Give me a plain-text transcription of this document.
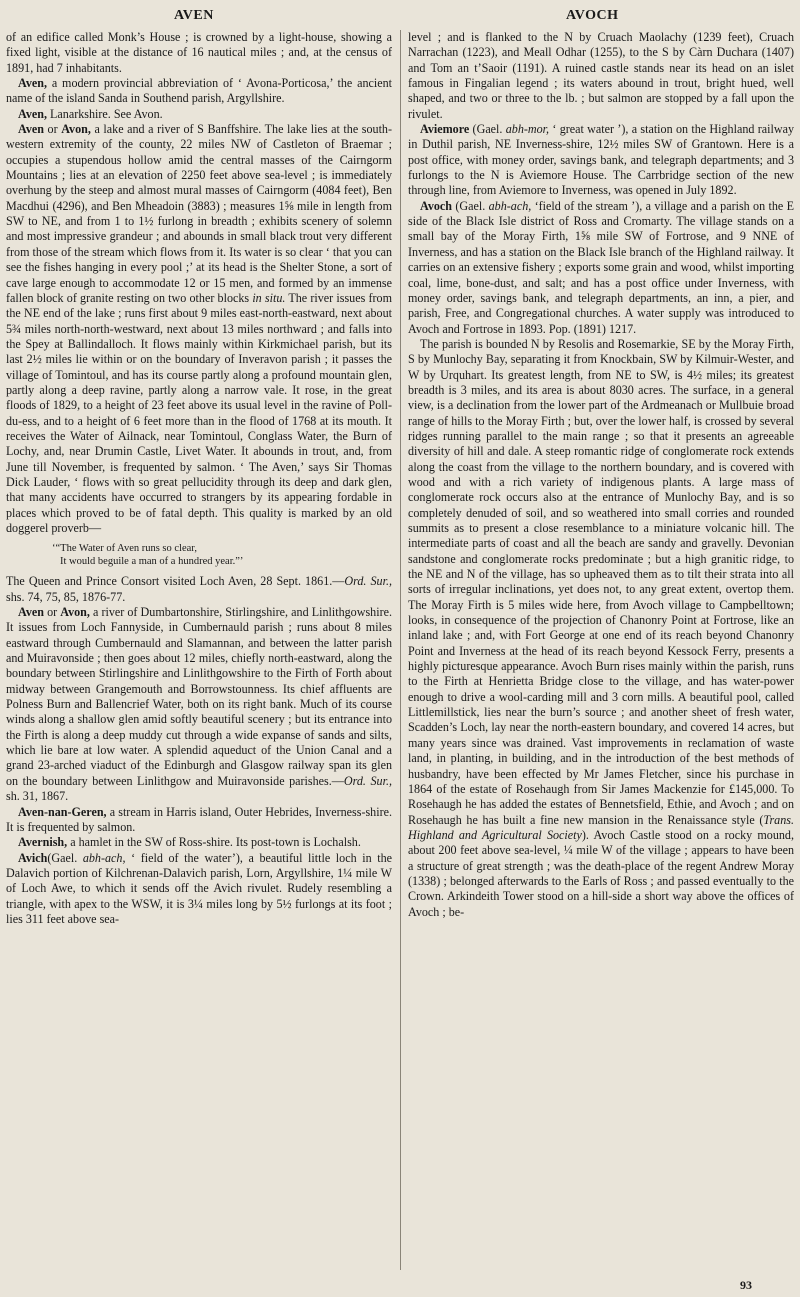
AVEN	AVOCH

of an edifice called Monk’s House ; is crowned by a light-house, showing a fixed light, visible at the distance of 16 nautical miles ; and, at the census of 1891, had 7 inhabitants.

Aven, a modern provincial abbreviation of ‘ Avona-Porticosa,’ the ancient name of the island Sanda in Southend parish, Argyllshire.

Aven, Lanarkshire. See Avon.

Aven or Avon, a lake and a river of S Banffshire. The lake lies at the south-western extremity of the county, 22 miles NW of Castleton of Braemar ; occupies a stupendous hollow amid the central masses of the Cairngorm Mountains ; lies at an elevation of 2250 feet above sea-level ; is immediately overhung by the steep and almost mural masses of Cairngorm (4084 feet), Ben Macdhui (4296), and Ben Mheadoin (3883) ; measures 1⅝ mile in length from SW to NE, and from 1 to 1½ furlong in breadth ; exhibits scenery of solemn and most impressive grandeur ; and abounds in small black trout very different from those of the stream which flows from it. Its water is so clear ‘ that you can see the fishes hanging in every pool ;’ at its head is the Shelter Stone, a sort of cave large enough to accommodate 12 or 15 men, and formed by an immense fallen block of granite resting on two other blocks in situ. The river issues from the NE end of the lake ; runs first about 9 miles east-north-eastward, next about 5¾ miles north-north-westward, next about 13 miles northward ; and falls into the Spey at Ballindalloch. It flows mainly within Kirkmichael parish, but its last 2½ miles lie within or on the boundary of Inveravon parish ; it passes the village of Tomintoul, and has its course partly along a profound mountain glen, partly along a deep ravine, partly along a narrow vale. It rose, in the great floods of 1829, to a height of 23 feet above its usual level in the ravine of Poll-du-ess, and to a height of 6 feet more than in the flood of 1768 at its mouth. It receives the Water of Ailnack, near Tomintoul, Conglass Water, the Burn of Lochy, and, near Drumin Castle, Livet Water. It abounds in trout, and, from June till November, is frequented by salmon. ‘ The Aven,’ says Sir Thomas Dick Lauder, ‘ flows with so great pellucidity through its deep and dark glen, that many accidents have occurred to strangers by its appearing fordable in places which proved to be of fatal depth. This quality is marked by an old doggerel proverb—

‘“The Water of Aven runs so clear,
It would beguile a man of a hundred year.”’

The Queen and Prince Consort visited Loch Aven, 28 Sept. 1861.—Ord. Sur., shs. 74, 75, 85, 1876-77.

Aven or Avon, a river of Dumbartonshire, Stirlingshire, and Linlithgowshire. It issues from Loch Fannyside, in Cumbernauld parish ; runs about 8 miles eastward through Cumbernauld and Slamannan, and between the latter parish and Muiravonside ; then goes about 12 miles, chiefly north-eastward, along the boundary between Stirlingshire and Linlithgowshire to the Firth of Forth about midway between Grangemouth and Borrowstounness. Its chief affluents are Polness Burn and Ballencrief Water, both on its right bank. Much of its course winds along a shallow glen amid softly beautiful scenery ; but its entrance into the Firth is along a deep muddy cut through a wide expanse of sands and silts, which lie bare at low water. A splendid aqueduct of the Union Canal and a grand 23-arched viaduct of the Edinburgh and Glasgow railway span its glen on the boundary between Linlithgow and Muiravonside parishes.—Ord. Sur., sh. 31, 1867.

Aven-nan-Geren, a stream in Harris island, Outer Hebrides, Inverness-shire. It is frequented by salmon.

Avernish, a hamlet in the SW of Ross-shire. Its post-town is Lochalsh.

Avich(Gael. abh-ach, ‘ field of the water’), a beautiful little loch in the Dalavich portion of Kilchrenan-Dalavich parish, Lorn, Argyllshire, 1¼ mile W of Loch Awe, to which it sends off the Avich rivulet. Rudely resembling a triangle, with apex to the WSW, it is 3¼ miles long by 5½ furlongs at its foot ; lies 311 feet above sea-

level ; and is flanked to the N by Cruach Maolachy (1239 feet), Cruach Narrachan (1223), and Meall Odhar (1255), to the S by Càrn Duchara (1407) and Tom an t’Saoir (1191). A ruined castle stands near its head on an islet famous in Fingalian legend ; its waters abound in trout, bright hued, well shaped, and two or three to the lb. ; but salmon are stopped by a fall upon the rivulet.

Aviemore (Gael. abh-mor, ‘ great water ’), a station on the Highland railway in Duthil parish, NE Inverness-shire, 12½ miles SW of Grantown. Here is a post office, with money order, savings bank, and telegraph departments; and 3 furlongs to the N is Aviemore House. The Carrbridge section of the new through line, from Aviemore to Inverness, was opened in July 1892.

Avoch (Gael. abh-ach, ‘field of the stream ’), a village and a parish on the E side of the Black Isle district of Ross and Cromarty. The village stands on a small bay of the Moray Firth, 1⅝ mile SW of Fortrose, and 9 NNE of Inverness, and has a station on the Black Isle branch of the Highland railway. It carries on an extensive fishery ; exports some grain and wood, whilst importing coal, lime, bone-dust, and salt; and has a post office under Inverness, with money order, savings bank, and telegraph departments, an inn, a pier, and parish, Free, and Congregational churches. A water supply was introduced to Avoch and Fortrose in 1893. Pop. (1891) 1217.

The parish is bounded N by Resolis and Rosemarkie, SE by the Moray Firth, S by Munlochy Bay, separating it from Knockbain, SW by Kilmuir-Wester, and W by Urquhart. Its greatest length, from NE to SW, is 4½ miles; its greatest breadth is 3 miles, and its area is about 8030 acres. The surface, in a general view, is a declination from the lower part of the Ardmeanach or Mullbuie broad range of hills to the Moray Firth ; but, over the lower half, is crossed by several ridges running parallel to the main range ; so that it presents an agreeable diversity of hill and dale. A steep romantic ridge of conglomerate rock extends along the coast from the village to the northern boundary, and is covered with wood and with a rich variety of indigenous plants. A large mass of conglomerate rock occurs also at the entrance of Munlochy Bay, and is so completely denuded of soil, and so weathered into small corries and rounded summits as to present a close resemblance to a miniature volcanic hill. The intermediate parts of coast and all the beach are sandy and gravelly. Devonian sandstone and conglomerate rocks predominate ; but a high granitic ridge, to the NE and N of the village, has so upheaved them as to tilt their strata into all sorts of irregular inclinations, yet does not, to any great extent, overtop them. The Moray Firth is 5 miles wide here, from Avoch village to Campbelltown; looks, in consequence of the projection of Chanonry Point at Fortrose, like an inland lake ; and, with Fort George at one end of its reach beyond Chanonry Point and Inverness at the head of its reach beyond Kessock Ferry, presents a highly picturesque appearance. Avoch Burn rises mainly within the parish, runs to the Firth at Henrietta Bridge close to the village, and has water-power enough to drive a wool-carding mill and 3 corn mills. A beautiful pool, called Littlemillstick, lies near the burn’s source ; and another sheet of fresh water, Scadden’s Loch, lay near the north-eastern boundary, and covered 14 acres, but many years since was drained. Vast improvements in reclamation of waste land, in planting, in building, and in the introduction of the best methods of husbandry, have been effected by Mr James Fletcher, since his purchase in 1864 of the estate of Rosehaugh from Sir James Mackenzie for £145,000. To Rosehaugh he has added the estates of Bennetsfield, Ethie, and Avoch ; and on Rosehaugh he has built a fine new mansion in the Renaissance style (Trans. Highland and Agricultural Society). Avoch Castle stood on a rocky mound, about 200 feet above sea-level, ¼ mile W of the village ; appears to have been a structure of great strength ; was the death-place of the regent Andrew Moray (1338) ; belonged afterwards to the Earls of Ross ; and passed eventually to the Crown. Arkindeith Tower stood on a hill-side a short way above the offices of Avoch ; be-

93
